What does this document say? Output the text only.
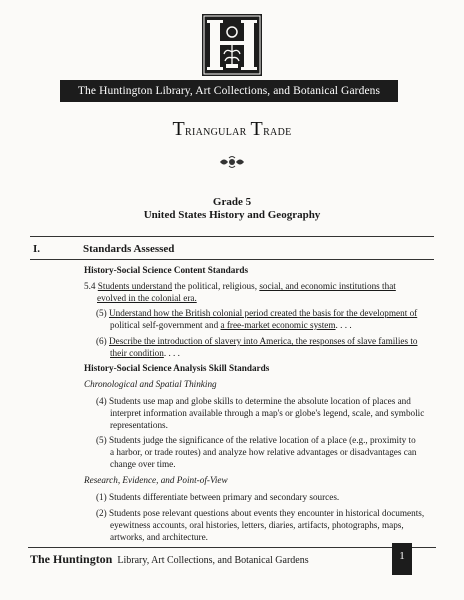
The Huntington Library, Art Collections, and Botanical Gardens
Triangular Trade
Grade 5
United States History and Geography
I.	Standards Assessed
History-Social Science Content Standards
5.4 Students understand the political, religious, social, and economic institutions that
evolved in the colonial era.
(5) Understand how the British colonial period created the basis for the development of
political self-government and a free-market economic system. . . .
(6) Describe the introduction of slavery into America, the responses of slave families to
their condition. . . .
History-Social Science Analysis Skill Standards
Chronological and Spatial Thinking
(4) Students use map and globe skills to determine the absolute location of places and
interpret information available through a map's or globe's legend, scale, and symbolic
representations.
(5) Students judge the significance of the relative location of a place (e.g., proximity to
a harbor, or trade routes) and analyze how relative advantages or disadvantages can
change over time.
Research, Evidence, and Point-of-View
(1) Students differentiate between primary and secondary sources.
(2) Students pose relevant questions about events they encounter in historical documents,
eyewitness accounts, oral histories, letters, diaries, artifacts, photographs, maps,
artworks, and architecture.
The Huntington Library, Art Collections, and Botanical Gardens	1
